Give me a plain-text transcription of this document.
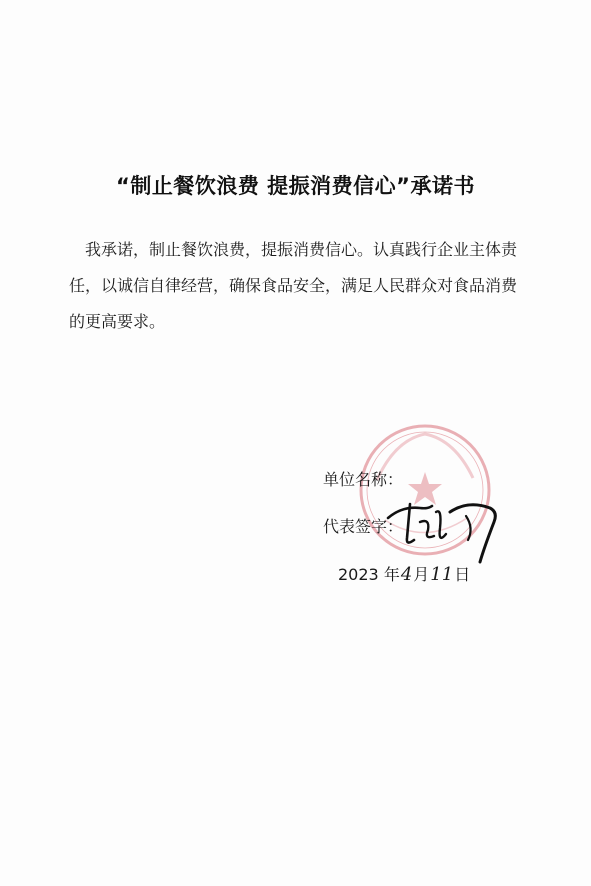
“制止餐饮浪费 提振消费信心”承诺书
我承诺，制止餐饮浪费，提振消费信心。认真践行企业主体责任，以诚信自律经营，确保食品安全，满足人民群众对食品消费的更高要求。
单位名称：
代表签字：
2023 年4月11日
